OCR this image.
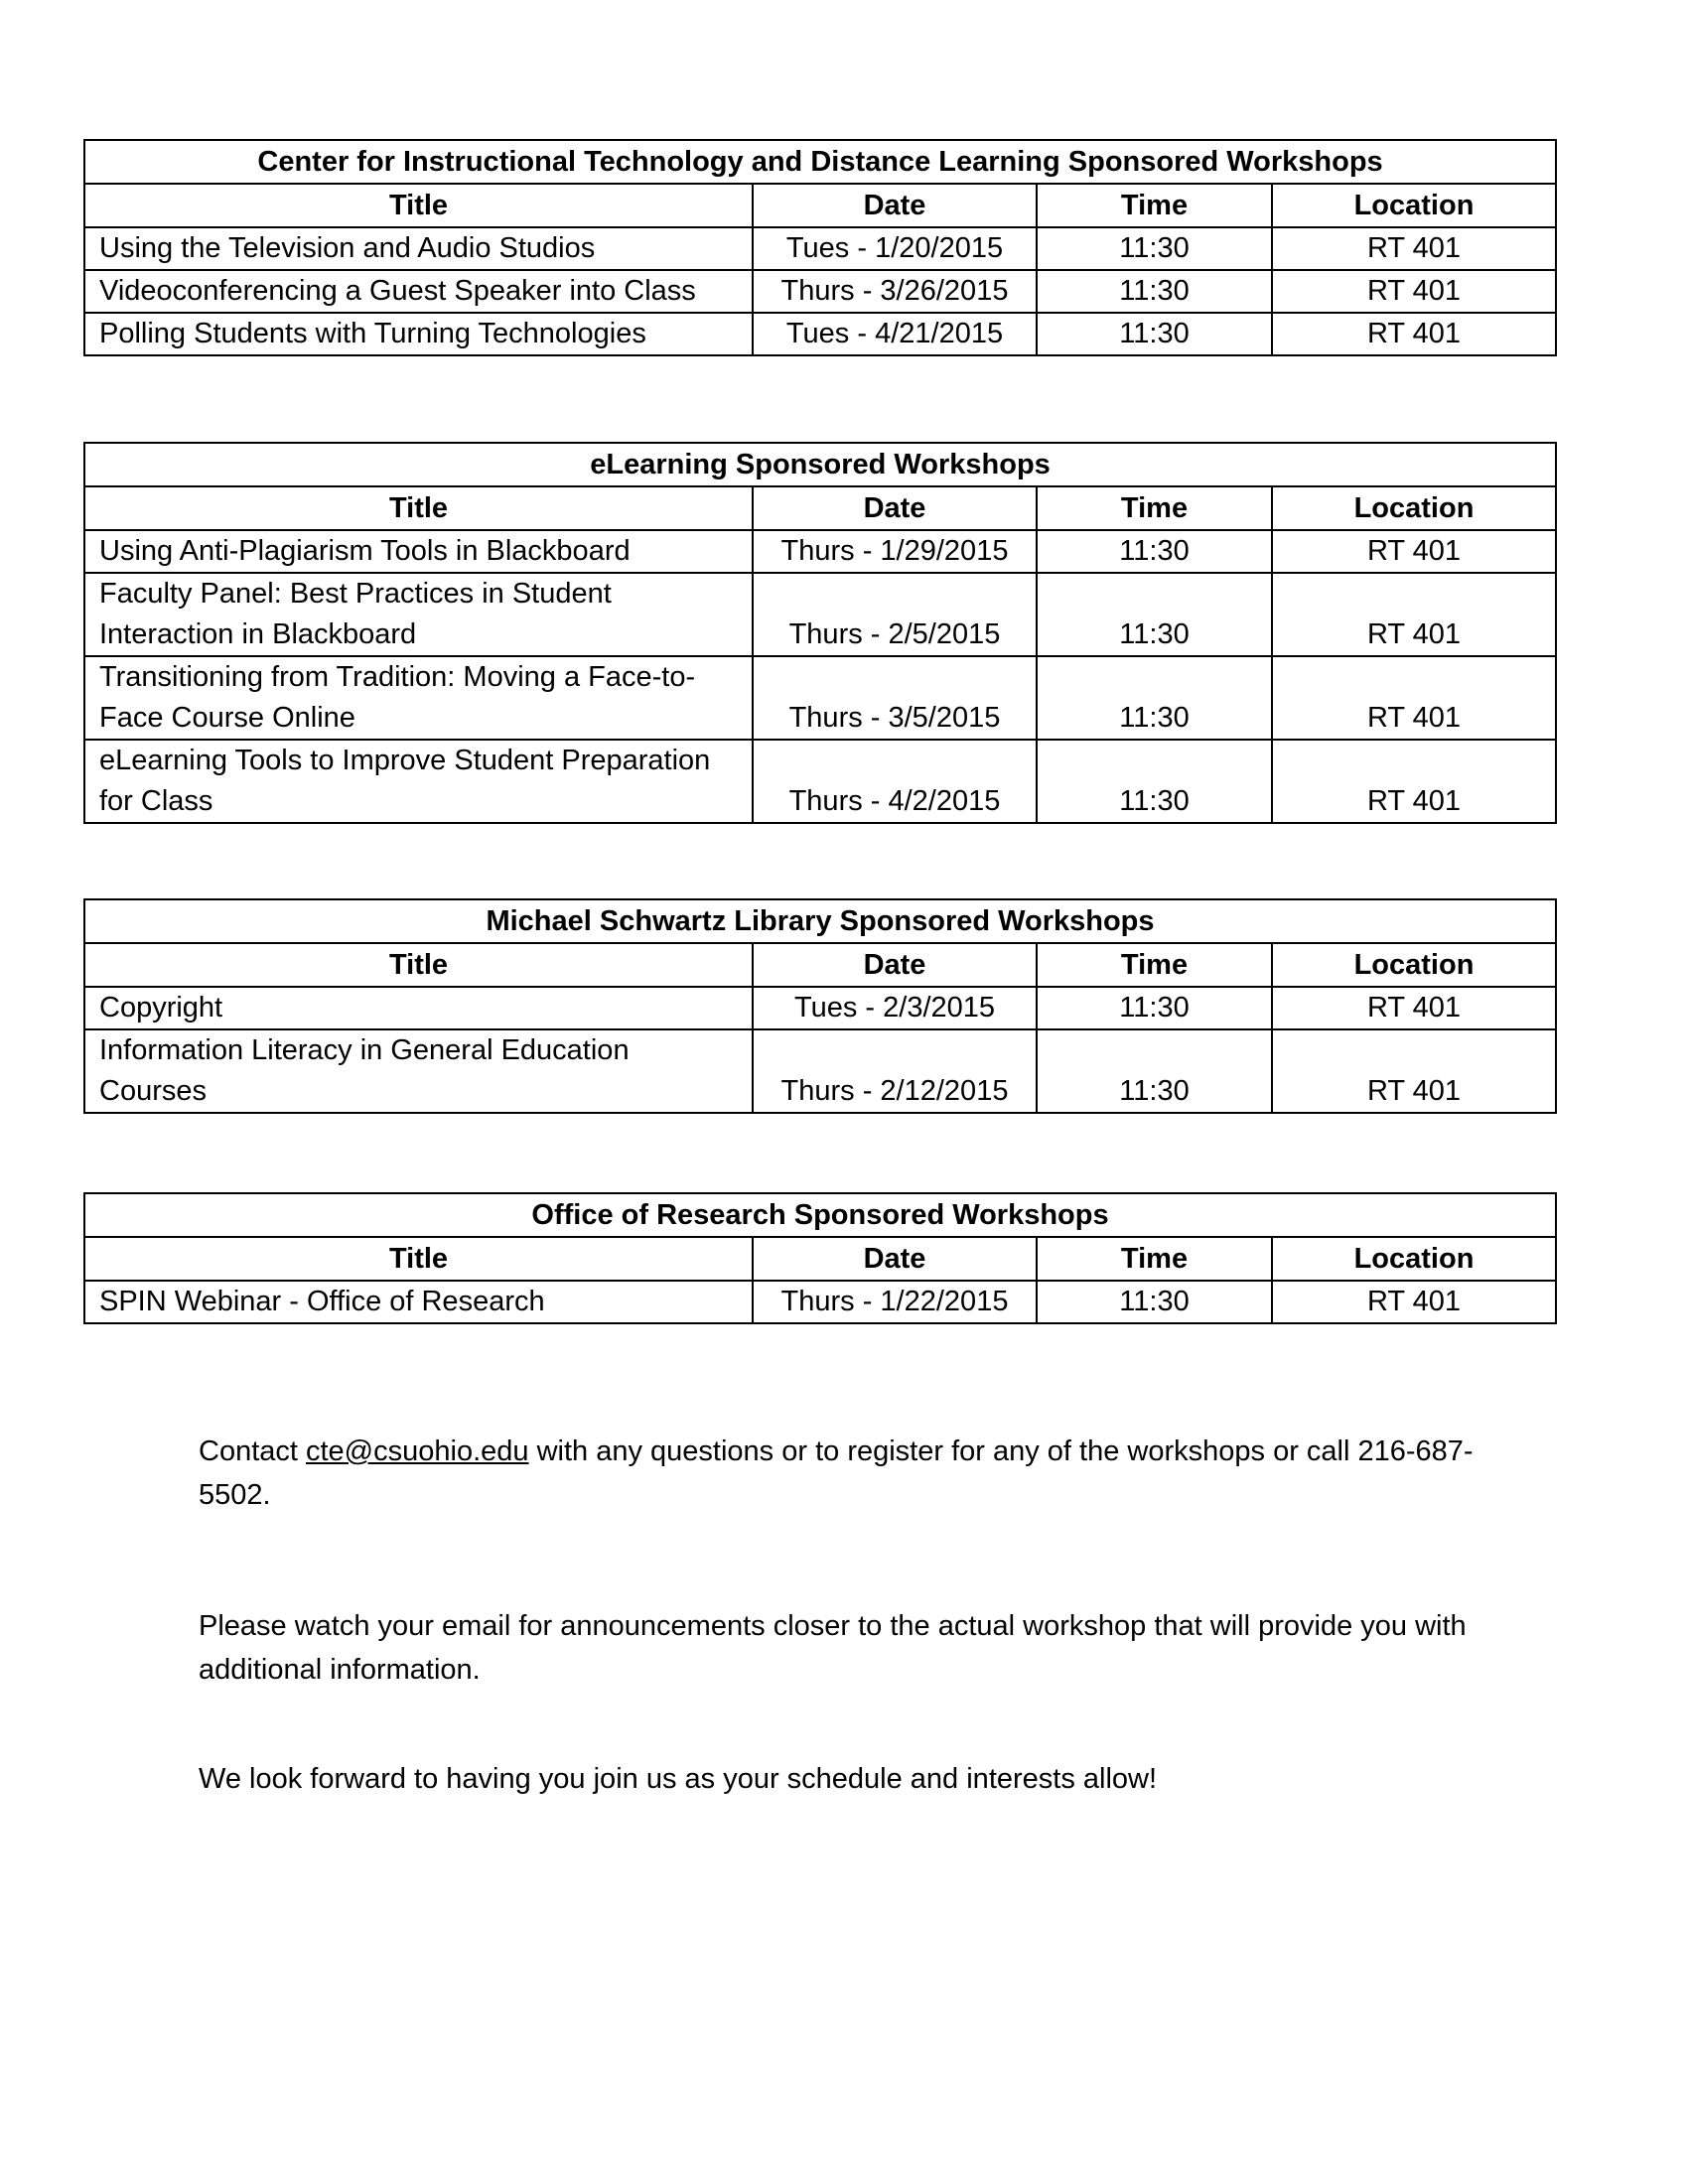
Center for Instructional Technology and Distance Learning Sponsored Workshops			
Title	Date	Time	Location
Using the Television and Audio Studios	Tues - 1/20/2015	11:30	RT 401
Videoconferencing a Guest Speaker into Class	Thurs - 3/26/2015	11:30	RT 401
Polling Students with Turning Technologies	Tues - 4/21/2015	11:30	RT 401
eLearning Sponsored Workshops			
Title	Date	Time	Location
Using Anti-Plagiarism Tools in Blackboard	Thurs - 1/29/2015	11:30	RT 401
Faculty Panel: Best Practices in Student Interaction in Blackboard	Thurs - 2/5/2015	11:30	RT 401
Transitioning from Tradition: Moving a Face-to-Face Course Online	Thurs - 3/5/2015	11:30	RT 401
eLearning Tools to Improve Student Preparation for Class	Thurs - 4/2/2015	11:30	RT 401
Michael Schwartz Library Sponsored Workshops			
Title	Date	Time	Location
Copyright	Tues - 2/3/2015	11:30	RT 401
Information Literacy in General Education Courses	Thurs - 2/12/2015	11:30	RT 401
Office of Research Sponsored Workshops			
Title	Date	Time	Location
SPIN Webinar - Office of Research	Thurs - 1/22/2015	11:30	RT 401

Contact cte@csuohio.edu with any questions or to register for any of the workshops or call 216-687-5502.

Please watch your email for announcements closer to the actual workshop that will provide you with additional information.

We look forward to having you join us as your schedule and interests allow!
